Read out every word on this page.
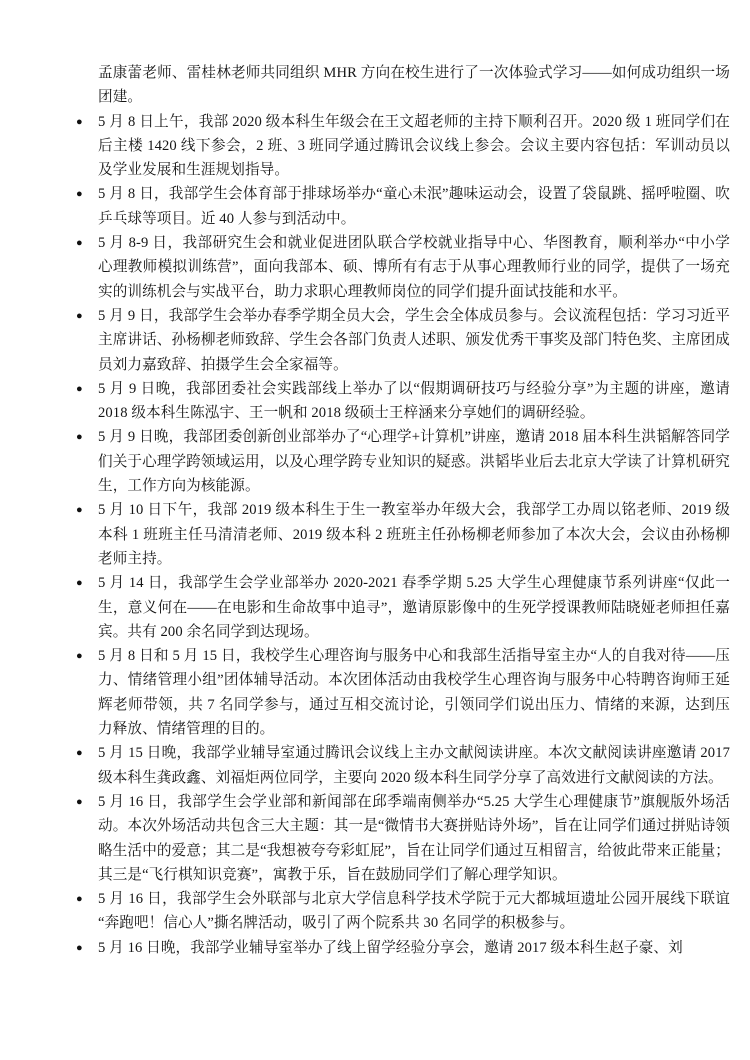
孟康蕾老师、雷桂林老师共同组织 MHR 方向在校生进行了一次体验式学习——如何成功组织一场团建。
●	5 月 8 日上午，我部 2020 级本科生年级会在王文超老师的主持下顺利召开。2020 级 1 班同学们在后主楼 1420 线下参会，2 班、3 班同学通过腾讯会议线上参会。会议主要内容包括：军训动员以及学业发展和生涯规划指导。
●	5 月 8 日，我部学生会体育部于排球场举办“童心未泯”趣味运动会，设置了袋鼠跳、摇呼啦圈、吹乒乓球等项目。近 40 人参与到活动中。
●	5 月 8-9 日，我部研究生会和就业促进团队联合学校就业指导中心、华图教育，顺利举办“中小学心理教师模拟训练营”，面向我部本、硕、博所有有志于从事心理教师行业的同学，提供了一场充实的训练机会与实战平台，助力求职心理教师岗位的同学们提升面试技能和水平。
●	5 月 9 日，我部学生会举办春季学期全员大会，学生会全体成员参与。会议流程包括：学习习近平主席讲话、孙杨柳老师致辞、学生会各部门负责人述职、颁发优秀干事奖及部门特色奖、主席团成员刘力嘉致辞、拍摄学生会全家福等。
●	5 月 9 日晚，我部团委社会实践部线上举办了以“假期调研技巧与经验分享”为主题的讲座，邀请 2018 级本科生陈泓宇、王一帆和 2018 级硕士王梓涵来分享她们的调研经验。
●	5 月 9 日晚，我部团委创新创业部举办了“心理学+计算机”讲座，邀请 2018 届本科生洪韬解答同学们关于心理学跨领域运用，以及心理学跨专业知识的疑惑。洪韬毕业后去北京大学读了计算机研究生，工作方向为核能源。
●	5 月 10 日下午，我部 2019 级本科生于生一教室举办年级大会，我部学工办周以铭老师、2019 级本科 1 班班主任马清清老师、2019 级本科 2 班班主任孙杨柳老师参加了本次大会，会议由孙杨柳老师主持。
●	5 月 14 日，我部学生会学业部举办 2020-2021 春季学期 5.25 大学生心理健康节系列讲座“仅此一生，意义何在——在电影和生命故事中追寻”，邀请原影像中的生死学授课教师陆晓娅老师担任嘉宾。共有 200 余名同学到达现场。
●	5 月 8 日和 5 月 15 日，我校学生心理咨询与服务中心和我部生活指导室主办“人的自我对待——压力、情绪管理小组”团体辅导活动。本次团体活动由我校学生心理咨询与服务中心特聘咨询师王延辉老师带领，共 7 名同学参与，通过互相交流讨论，引领同学们说出压力、情绪的来源，达到压力释放、情绪管理的目的。
●	5 月 15 日晚，我部学业辅导室通过腾讯会议线上主办文献阅读讲座。本次文献阅读讲座邀请 2017 级本科生龚政鑫、刘福炬两位同学，主要向 2020 级本科生同学分享了高效进行文献阅读的方法。
●	5 月 16 日，我部学生会学业部和新闻部在邱季端南侧举办“5.25 大学生心理健康节”旗舰版外场活动。本次外场活动共包含三大主题：其一是“微情书大赛拼贴诗外场”，旨在让同学们通过拼贴诗领略生活中的爱意；其二是“我想被夸夸彩虹屁”，旨在让同学们通过互相留言，给彼此带来正能量；其三是“飞行棋知识竞赛”，寓教于乐，旨在鼓励同学们了解心理学知识。
●	5 月 16 日，我部学生会外联部与北京大学信息科学技术学院于元大都城垣遗址公园开展线下联谊“奔跑吧！信心人”撕名牌活动，吸引了两个院系共 30 名同学的积极参与。
●	5 月 16 日晚，我部学业辅导室举办了线上留学经验分享会，邀请 2017 级本科生赵子豪、刘
